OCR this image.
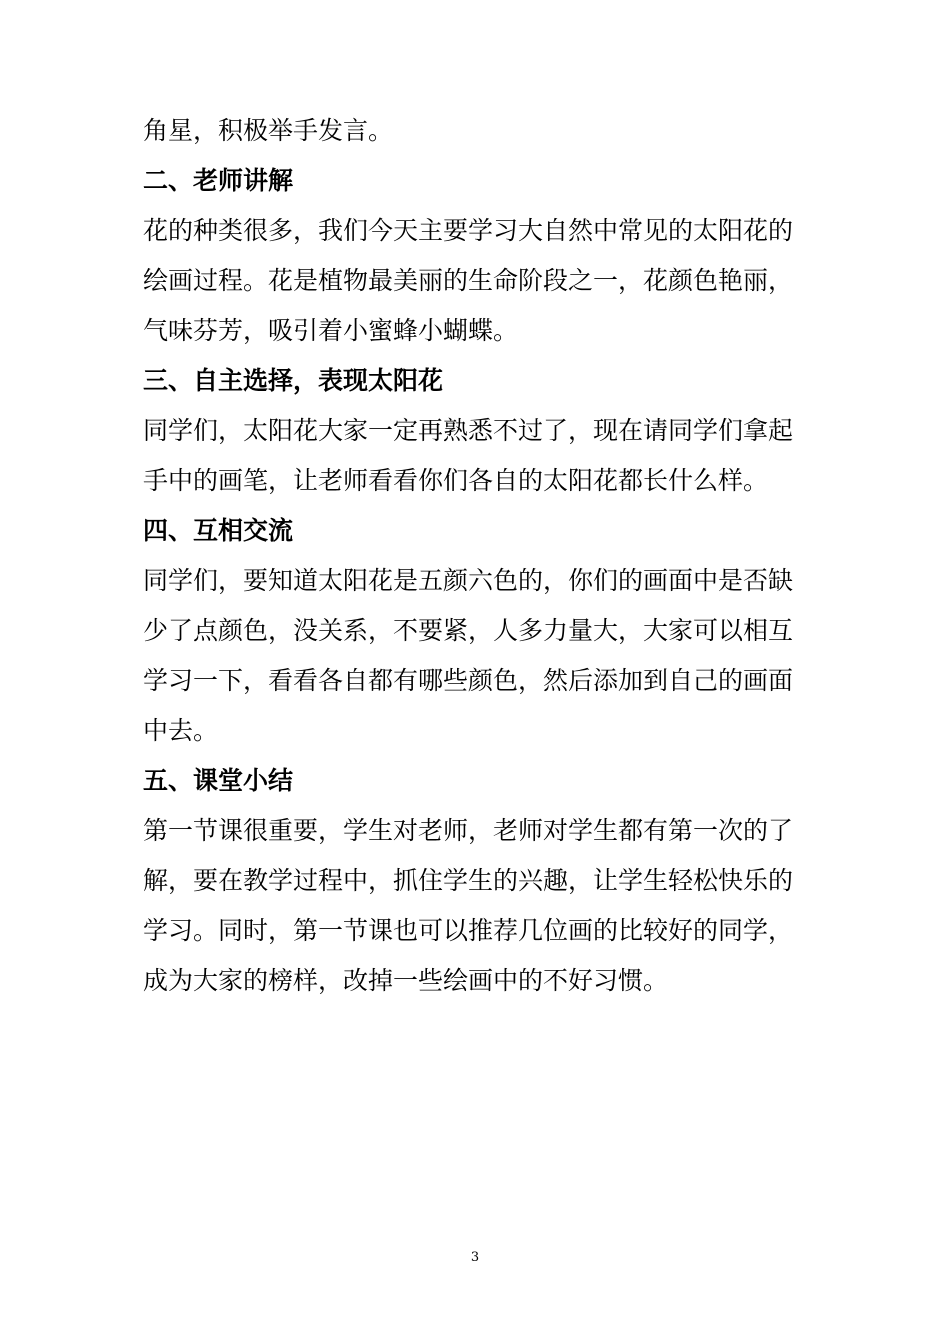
角星，积极举手发言。
二、老师讲解
花的种类很多，我们今天主要学习大自然中常见的太阳花的
绘画过程。花是植物最美丽的生命阶段之一，花颜色艳丽，
气味芬芳，吸引着小蜜蜂小蝴蝶。
三、自主选择，表现太阳花
同学们，太阳花大家一定再熟悉不过了，现在请同学们拿起
手中的画笔，让老师看看你们各自的太阳花都长什么样。
四、互相交流
同学们，要知道太阳花是五颜六色的，你们的画面中是否缺
少了点颜色，没关系，不要紧，人多力量大，大家可以相互
学习一下，看看各自都有哪些颜色，然后添加到自己的画面
中去。
五、课堂小结
第一节课很重要，学生对老师，老师对学生都有第一次的了
解，要在教学过程中，抓住学生的兴趣，让学生轻松快乐的
学习。同时，第一节课也可以推荐几位画的比较好的同学，
成为大家的榜样，改掉一些绘画中的不好习惯。
3
